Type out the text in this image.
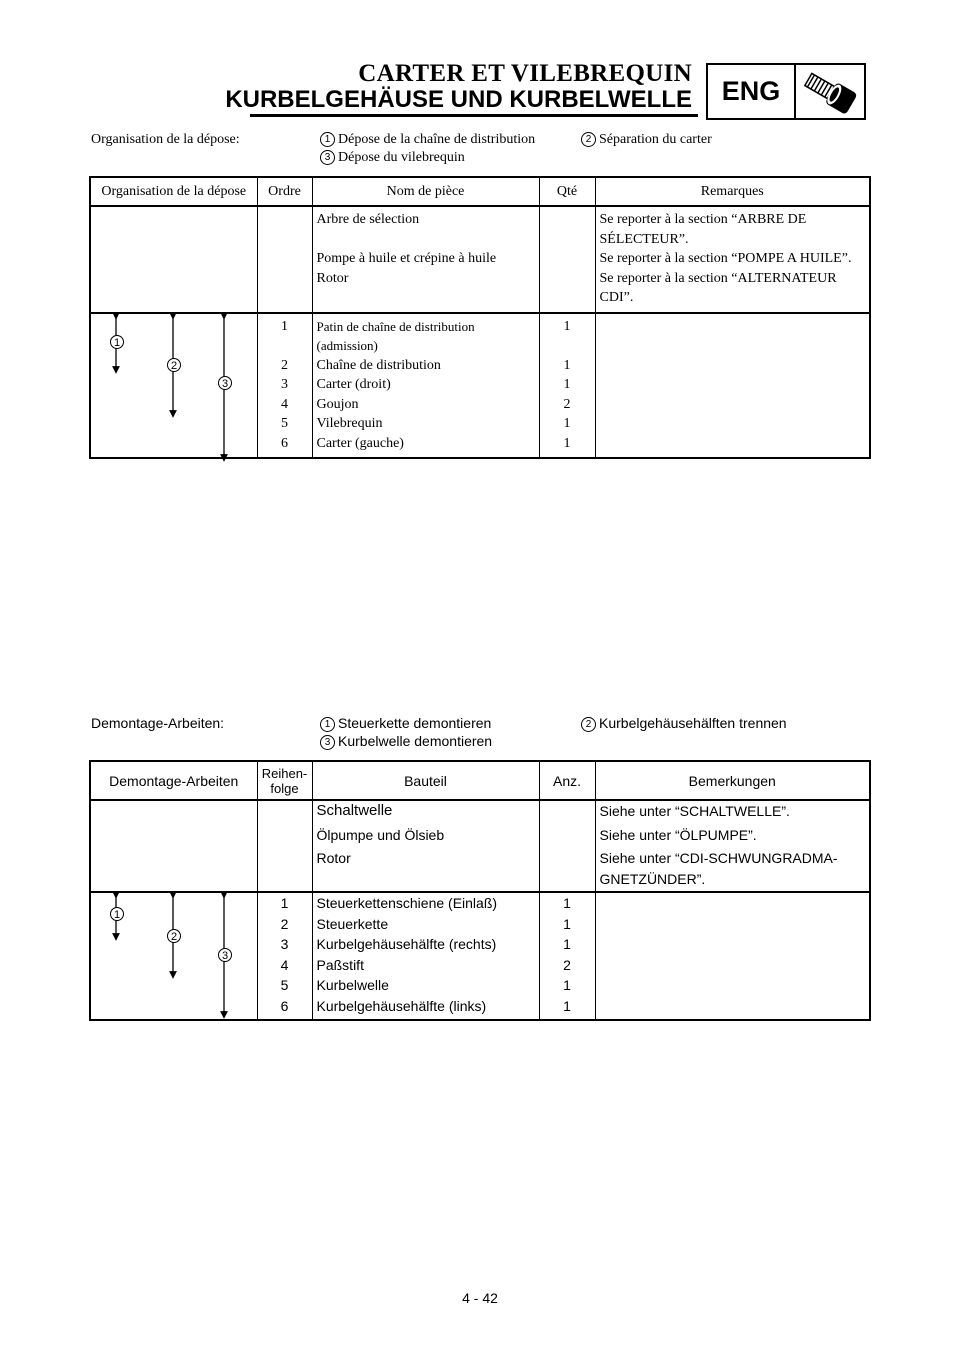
CARTER ET VILEBREQUIN
KURBELGEHÄUSE UND KURBELWELLE	ENG
Organisation de la dépose:	1 Dépose de la chaîne de distribution	2 Séparation du carter
3 Dépose du vilebrequin
Organisation de la dépose	Ordre	Nom de pièce	Qté	Remarques
		Arbre de sélection		Se reporter à la section “ARBRE DE SÉLECTEUR”.
		Pompe à huile et crépine à huile		Se reporter à la section “POMPE A HUILE”.
		Rotor		Se reporter à la section “ALTERNATEUR CDI”.

1
2
3	1	Patin de chaîne de distribution (admission)	1	
	2	Chaîne de distribution	1	
	3	Carter (droit)	1	
	4	Goujon	2	
	5	Vilebrequin	1	
	6	Carter (gauche)	1	
Demontage-Arbeiten:	1 Steuerkette demontieren	2 Kurbelgehäusehälften trennen
3 Kurbelwelle demontieren
Demontage-Arbeiten	Reihen-folge	Bauteil	Anz.	Bemerkungen
		Schaltwelle		Siehe unter “SCHALTWELLE”.
		Ölpumpe und Ölsieb		Siehe unter “ÖLPUMPE”.
		Rotor		Siehe unter “CDI-SCHWUNGRADMA-GNETZÜNDER”.

1
2
3	1	Steuerkettenschiene (Einlaß)	1	
	2	Steuerkette	1	
	3	Kurbelgehäusehälfte (rechts)	1	
	4	Paßstift	2	
	5	Kurbelwelle	1	
	6	Kurbelgehäusehälfte (links)	1	
4 - 42
